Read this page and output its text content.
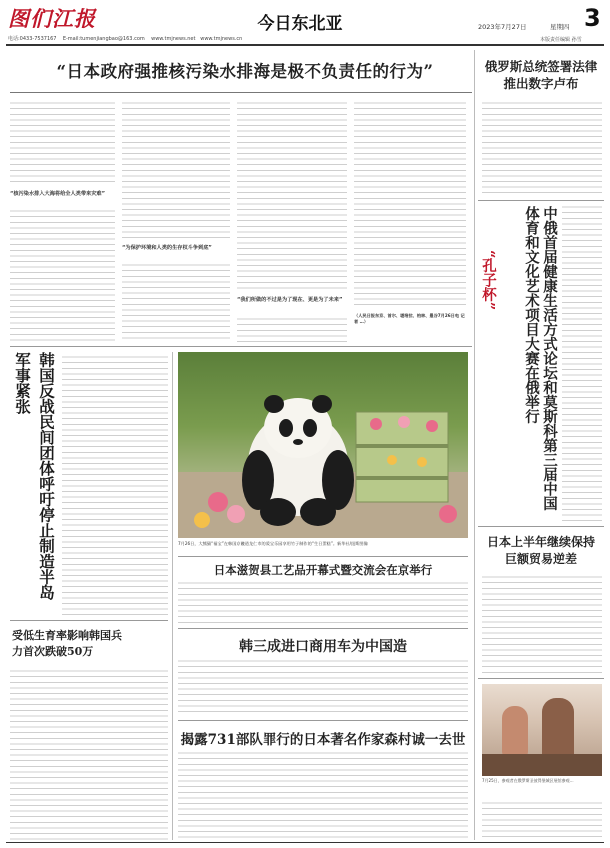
图们江报	今日东北亚	2023年7月27日	星期四 3
电话:0433-7537167 E-mail:tumenjiangbao@163.com www.tmjnews.net www.tmjnews.cn	本版责任编辑 孙雪
“日本政府强推核污染水排海是极不负责任的行为”
“核污染水排入大海将给全人类带来灾难”
“为保护环境和人类的生存权斗争到底”
“我们所做的不过是为了现在、更是为了未来”
（人民日报东京、首尔、堪培拉、柏林、曼谷7月26日电 记者 …）
俄罗斯总统签署法律推出数字卢布
中俄首届健康生活方式论坛和莫斯科第三届中国体育和文化艺术项目大赛在俄举行
“孔子杯”
日本上半年继续保持巨额贸易逆差
7月25日，参观者在俄罗斯圣彼得堡城区展馆参观…
韩国反战民间团体呼吁停止制造半岛军事紧张
受低生育率影响韩国兵力首次跌破50万
7月26日，大熊猫“福宝”在韩国京畿道龙仁市的爱宝乐园享用竹子制作的“生日蛋糕”。新华社/纽斯图像
日本滋贺县工艺品开幕式暨交流会在京举行
韩三成进口商用车为中国造
揭露731部队罪行的日本著名作家森村诚一去世
